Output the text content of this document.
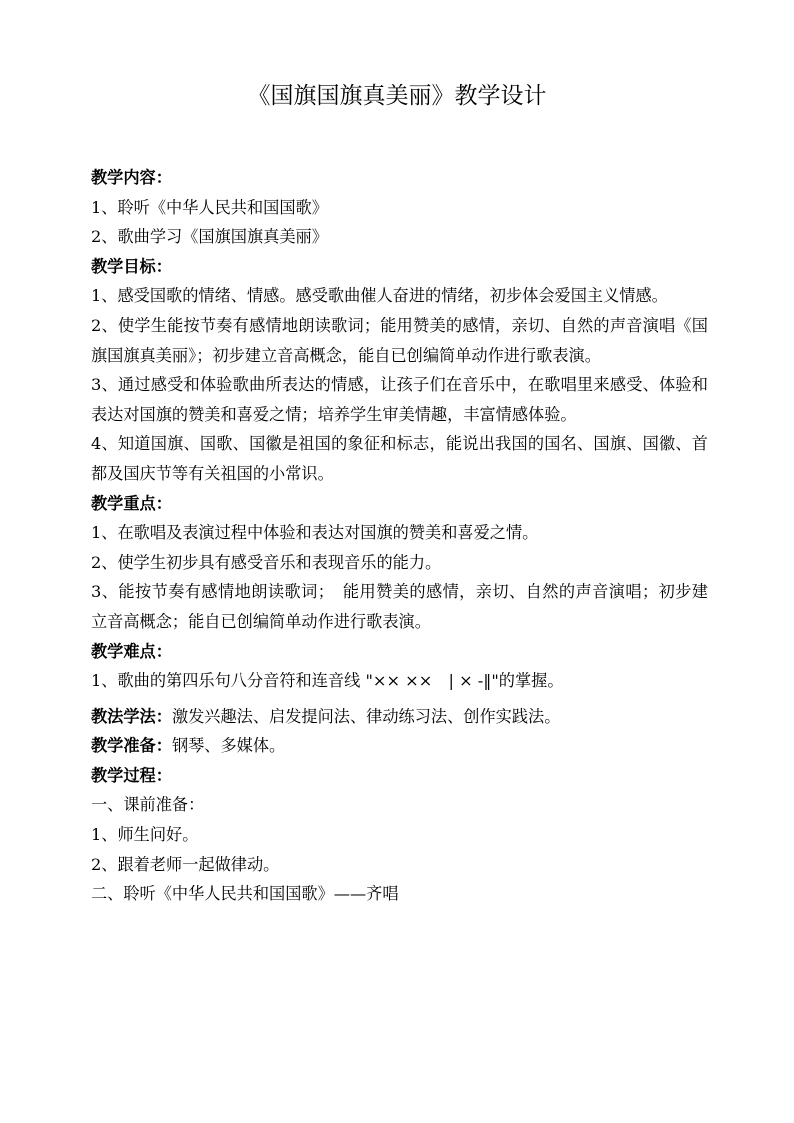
《国旗国旗真美丽》教学设计
教学内容：
1、聆听《中华人民共和国国歌》
2、歌曲学习《国旗国旗真美丽》
教学目标：
1、感受国歌的情绪、情感。感受歌曲催人奋进的情绪，初步体会爱国主义情感。
2、使学生能按节奏有感情地朗读歌词；能用赞美的感情，亲切、自然的声音演唱《国旗国旗真美丽》；初步建立音高概念，能自已创编简单动作进行歌表演。
3、通过感受和体验歌曲所表达的情感，让孩子们在音乐中，在歌唱里来感受、体验和表达对国旗的赞美和喜爱之情；培养学生审美情趣，丰富情感体验。
4、知道国旗、国歌、国徽是祖国的象征和标志，能说出我国的国名、国旗、国徽、首都及国庆节等有关祖国的小常识。
教学重点：
1、在歌唱及表演过程中体验和表达对国旗的赞美和喜爱之情。
2、使学生初步具有感受音乐和表现音乐的能力。
3、能按节奏有感情地朗读歌词；　能用赞美的感情，亲切、自然的声音演唱；初步建立音高概念；能自已创编简单动作进行歌表演。
教学难点：
1、歌曲的第四乐句八分音符和连音线 "×× ××　| × -‖"的掌握。
教法学法：激发兴趣法、启发提问法、律动练习法、创作实践法。
教学准备：钢琴、多媒体。
教学过程：
一、课前准备：
1、师生问好。
2、跟着老师一起做律动。
二、聆听《中华人民共和国国歌》——齐唱
